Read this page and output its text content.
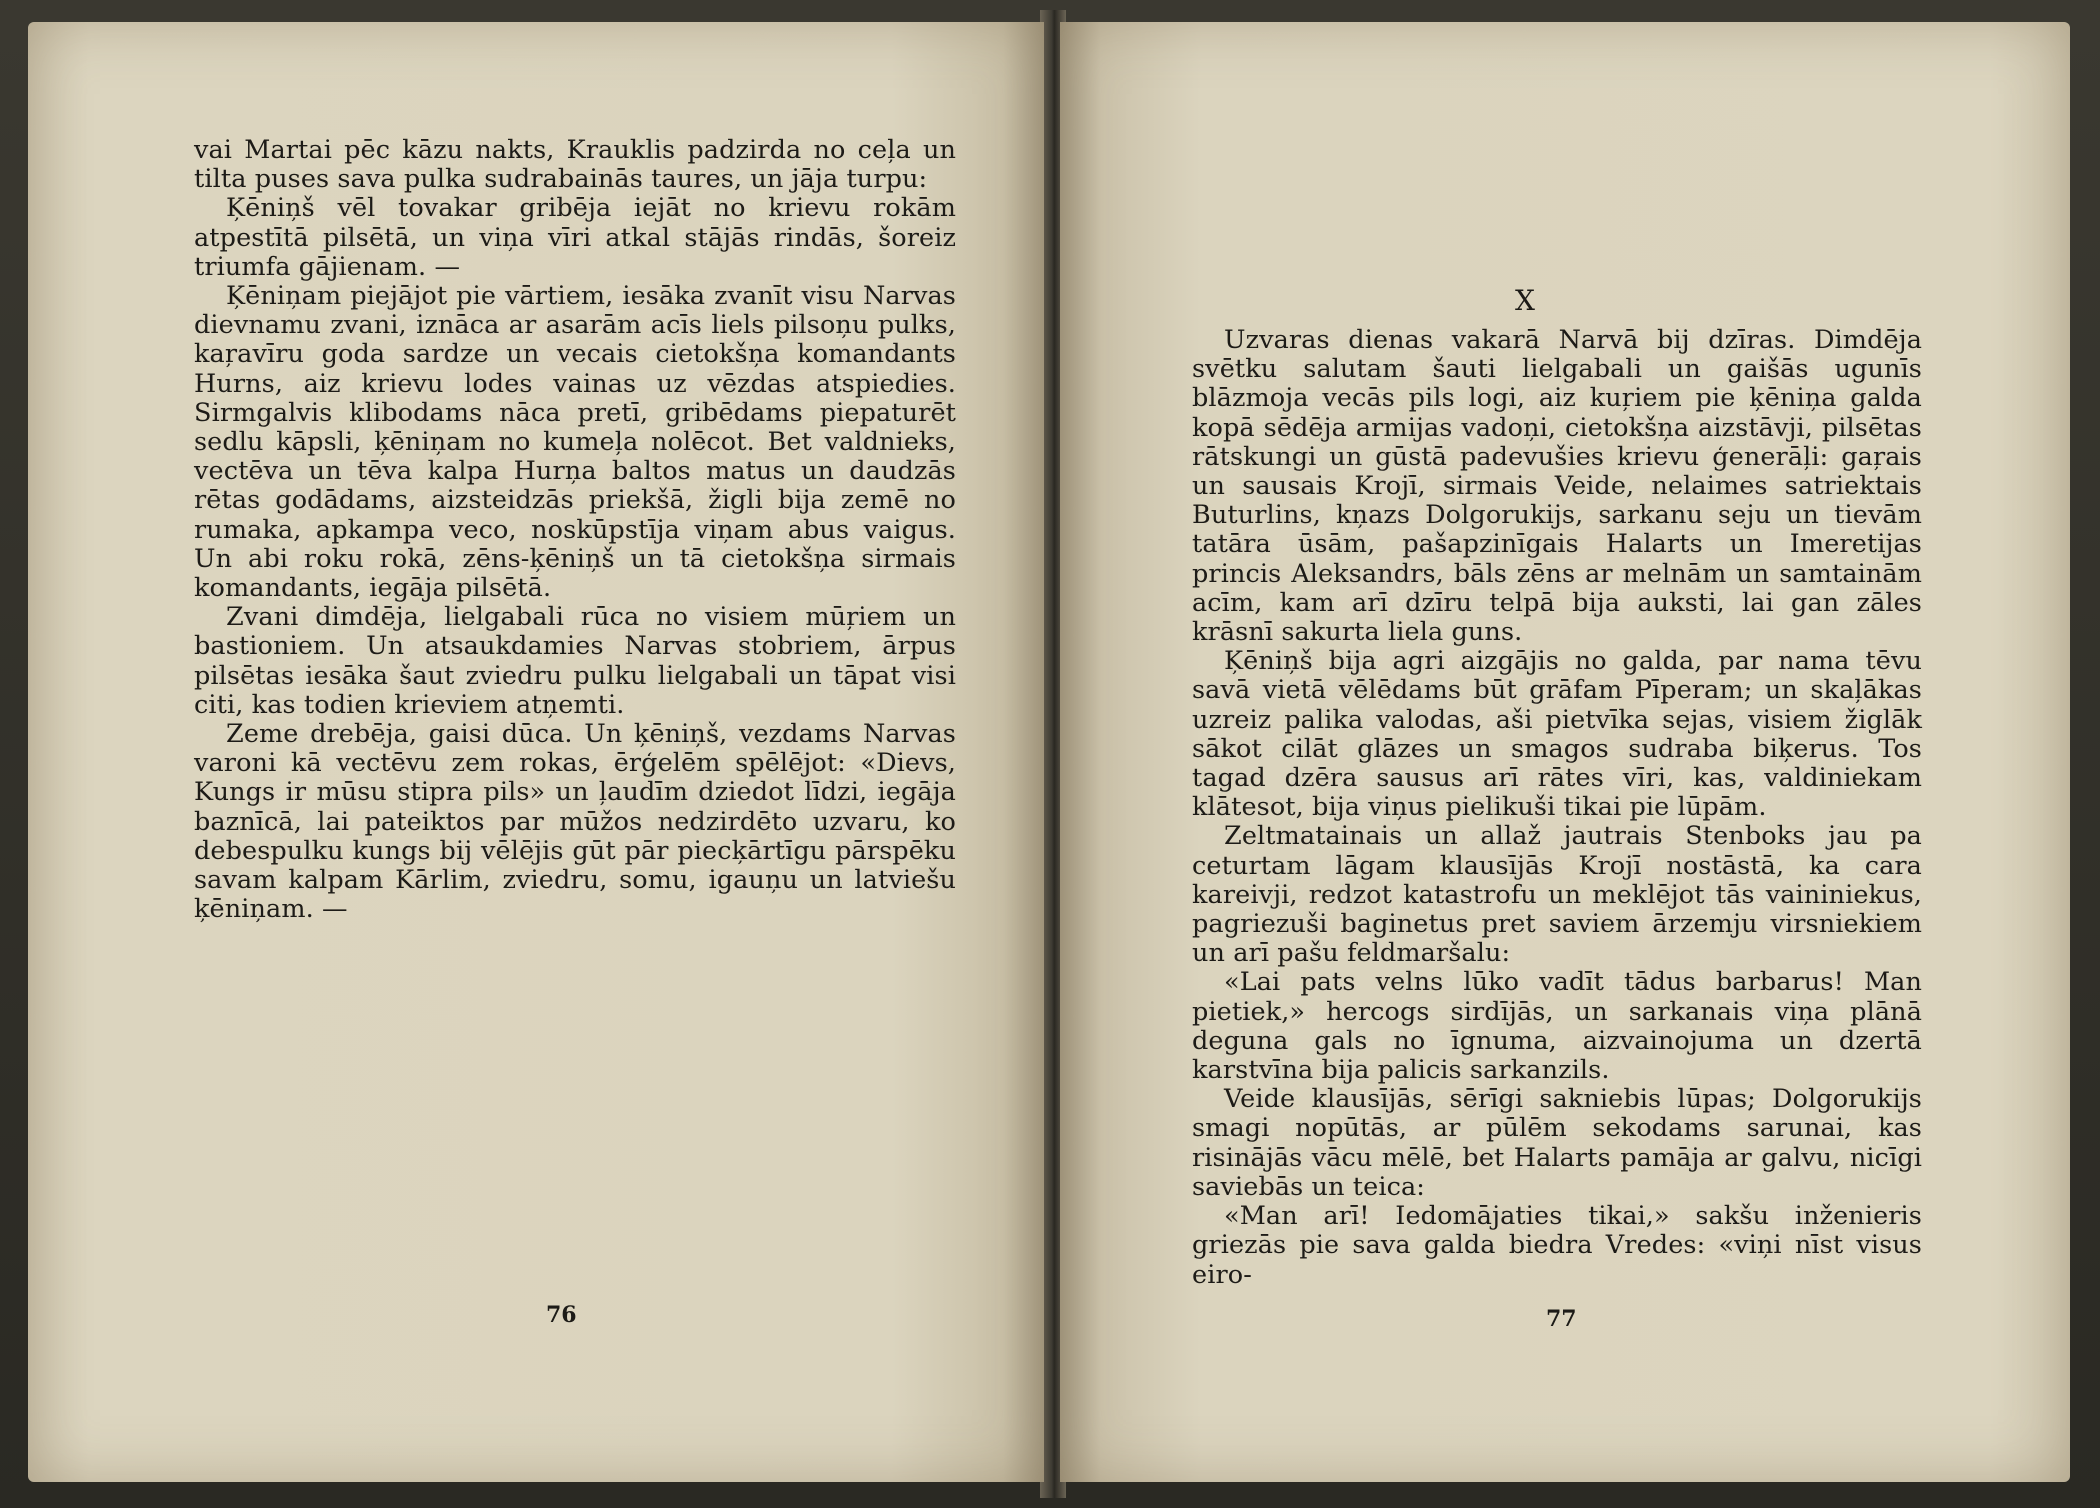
vai Martai pēc kāzu nakts, Krauklis padzirda no ceļa un tilta puses sava pulka sudrabainās taures, un jāja turpu:

Ķēniņš vēl tovakar gribēja iejāt no krievu rokām atpestītā pilsētā, un viņa vīri atkal stājās rindās, šoreiz triumfa gājienam. —

Ķēniņam piejājot pie vārtiem, iesāka zvanīt visu Narvas dievnamu zvani, iznāca ar asarām acīs liels pilsoņu pulks, kaŗavīru goda sardze un vecais cietokšņa komandants Hurns, aiz krievu lodes vainas uz vēzdas atspiedies. Sirmgalvis klibodams nāca pretī, gribēdams piepaturēt sedlu kāpsli, ķēniņam no kumeļa nolēcot. Bet valdnieks, vectēva un tēva kalpa Hurņa baltos matus un daudzās rētas godādams, aizsteidzās priekšā, žigli bija zemē no rumaka, apkampa veco, noskūpstīja viņam abus vaigus. Un abi roku rokā, zēns-ķēniņš un tā cietokšņa sirmais komandants, iegāja pilsētā.

Zvani dimdēja, lielgabali rūca no visiem mūŗiem un bastioniem. Un atsaukdamies Narvas stobriem, ārpus pilsētas iesāka šaut zviedru pulku lielgabali un tāpat visi citi, kas todien krieviem atņemti.

Zeme drebēja, gaisi dūca. Un ķēniņš, vezdams Narvas varoni kā vectēvu zem rokas, ērģelēm spēlējot: «Dievs, Kungs ir mūsu stipra pils» un ļaudīm dziedot līdzi, iegāja baznīcā, lai pateiktos par mūžos nedzirdēto uzvaru, ko debespulku kungs bij vēlējis gūt pār piecķārtīgu pārspēku savam kalpam Kārlim, zviedru, somu, igauņu un latviešu ķēniņam. —

76
X

Uzvaras dienas vakarā Narvā bij dzīras. Dimdēja svētku salutam šauti lielgabali un gaišās ugunīs blāzmoja vecās pils logi, aiz kuŗiem pie ķēniņa galda kopā sēdēja armijas vadoņi, cietokšņa aizstāvji, pilsētas rātskungi un gūstā padevušies krievu ģenerāļi: gaŗais un sausais Krojī, sirmais Veide, nelaimes satriektais Buturlins, kņazs Dolgorukijs, sarkanu seju un tievām tatāra ūsām, pašapzinīgais Halarts un Imeretijas princis Aleksandrs, bāls zēns ar melnām un samtainām acīm, kam arī dzīru telpā bija auksti, lai gan zāles krāsnī sakurta liela guns.

Ķēniņš bija agri aizgājis no galda, par nama tēvu savā vietā vēlēdams būt grāfam Pīperam; un skaļākas uzreiz palika valodas, aši pietvīka sejas, visiem žiglāk sākot cilāt glāzes un smagos sudraba biķerus. Tos tagad dzēra sausus arī rātes vīri, kas, valdiniekam klātesot, bija viņus pielikuši tikai pie lūpām.

Zeltmatainais un allaž jautrais Stenboks jau pa ceturtam lāgam klausījās Krojī nostāstā, ka cara kareivji, redzot katastrofu un meklējot tās vaininiekus, pagriezuši baginetus pret saviem ārzemju virsniekiem un arī pašu feldmaršalu:

«Lai pats velns lūko vadīt tādus barbarus! Man pietiek,» hercogs sirdījās, un sarkanais viņa plānā deguna gals no īgnuma, aizvainojuma un dzertā karstvīna bija palicis sarkanzils.

Veide klausījās, sērīgi sakniebis lūpas; Dolgorukijs smagi nopūtās, ar pūlēm sekodams sarunai, kas risinājās vācu mēlē, bet Halarts pamāja ar galvu, nicīgi saviebās un teica:

«Man arī! Iedomājaties tikai,» sakšu inženieris griezās pie sava galda biedra Vredes: «viņi nīst visus eiro-

77
